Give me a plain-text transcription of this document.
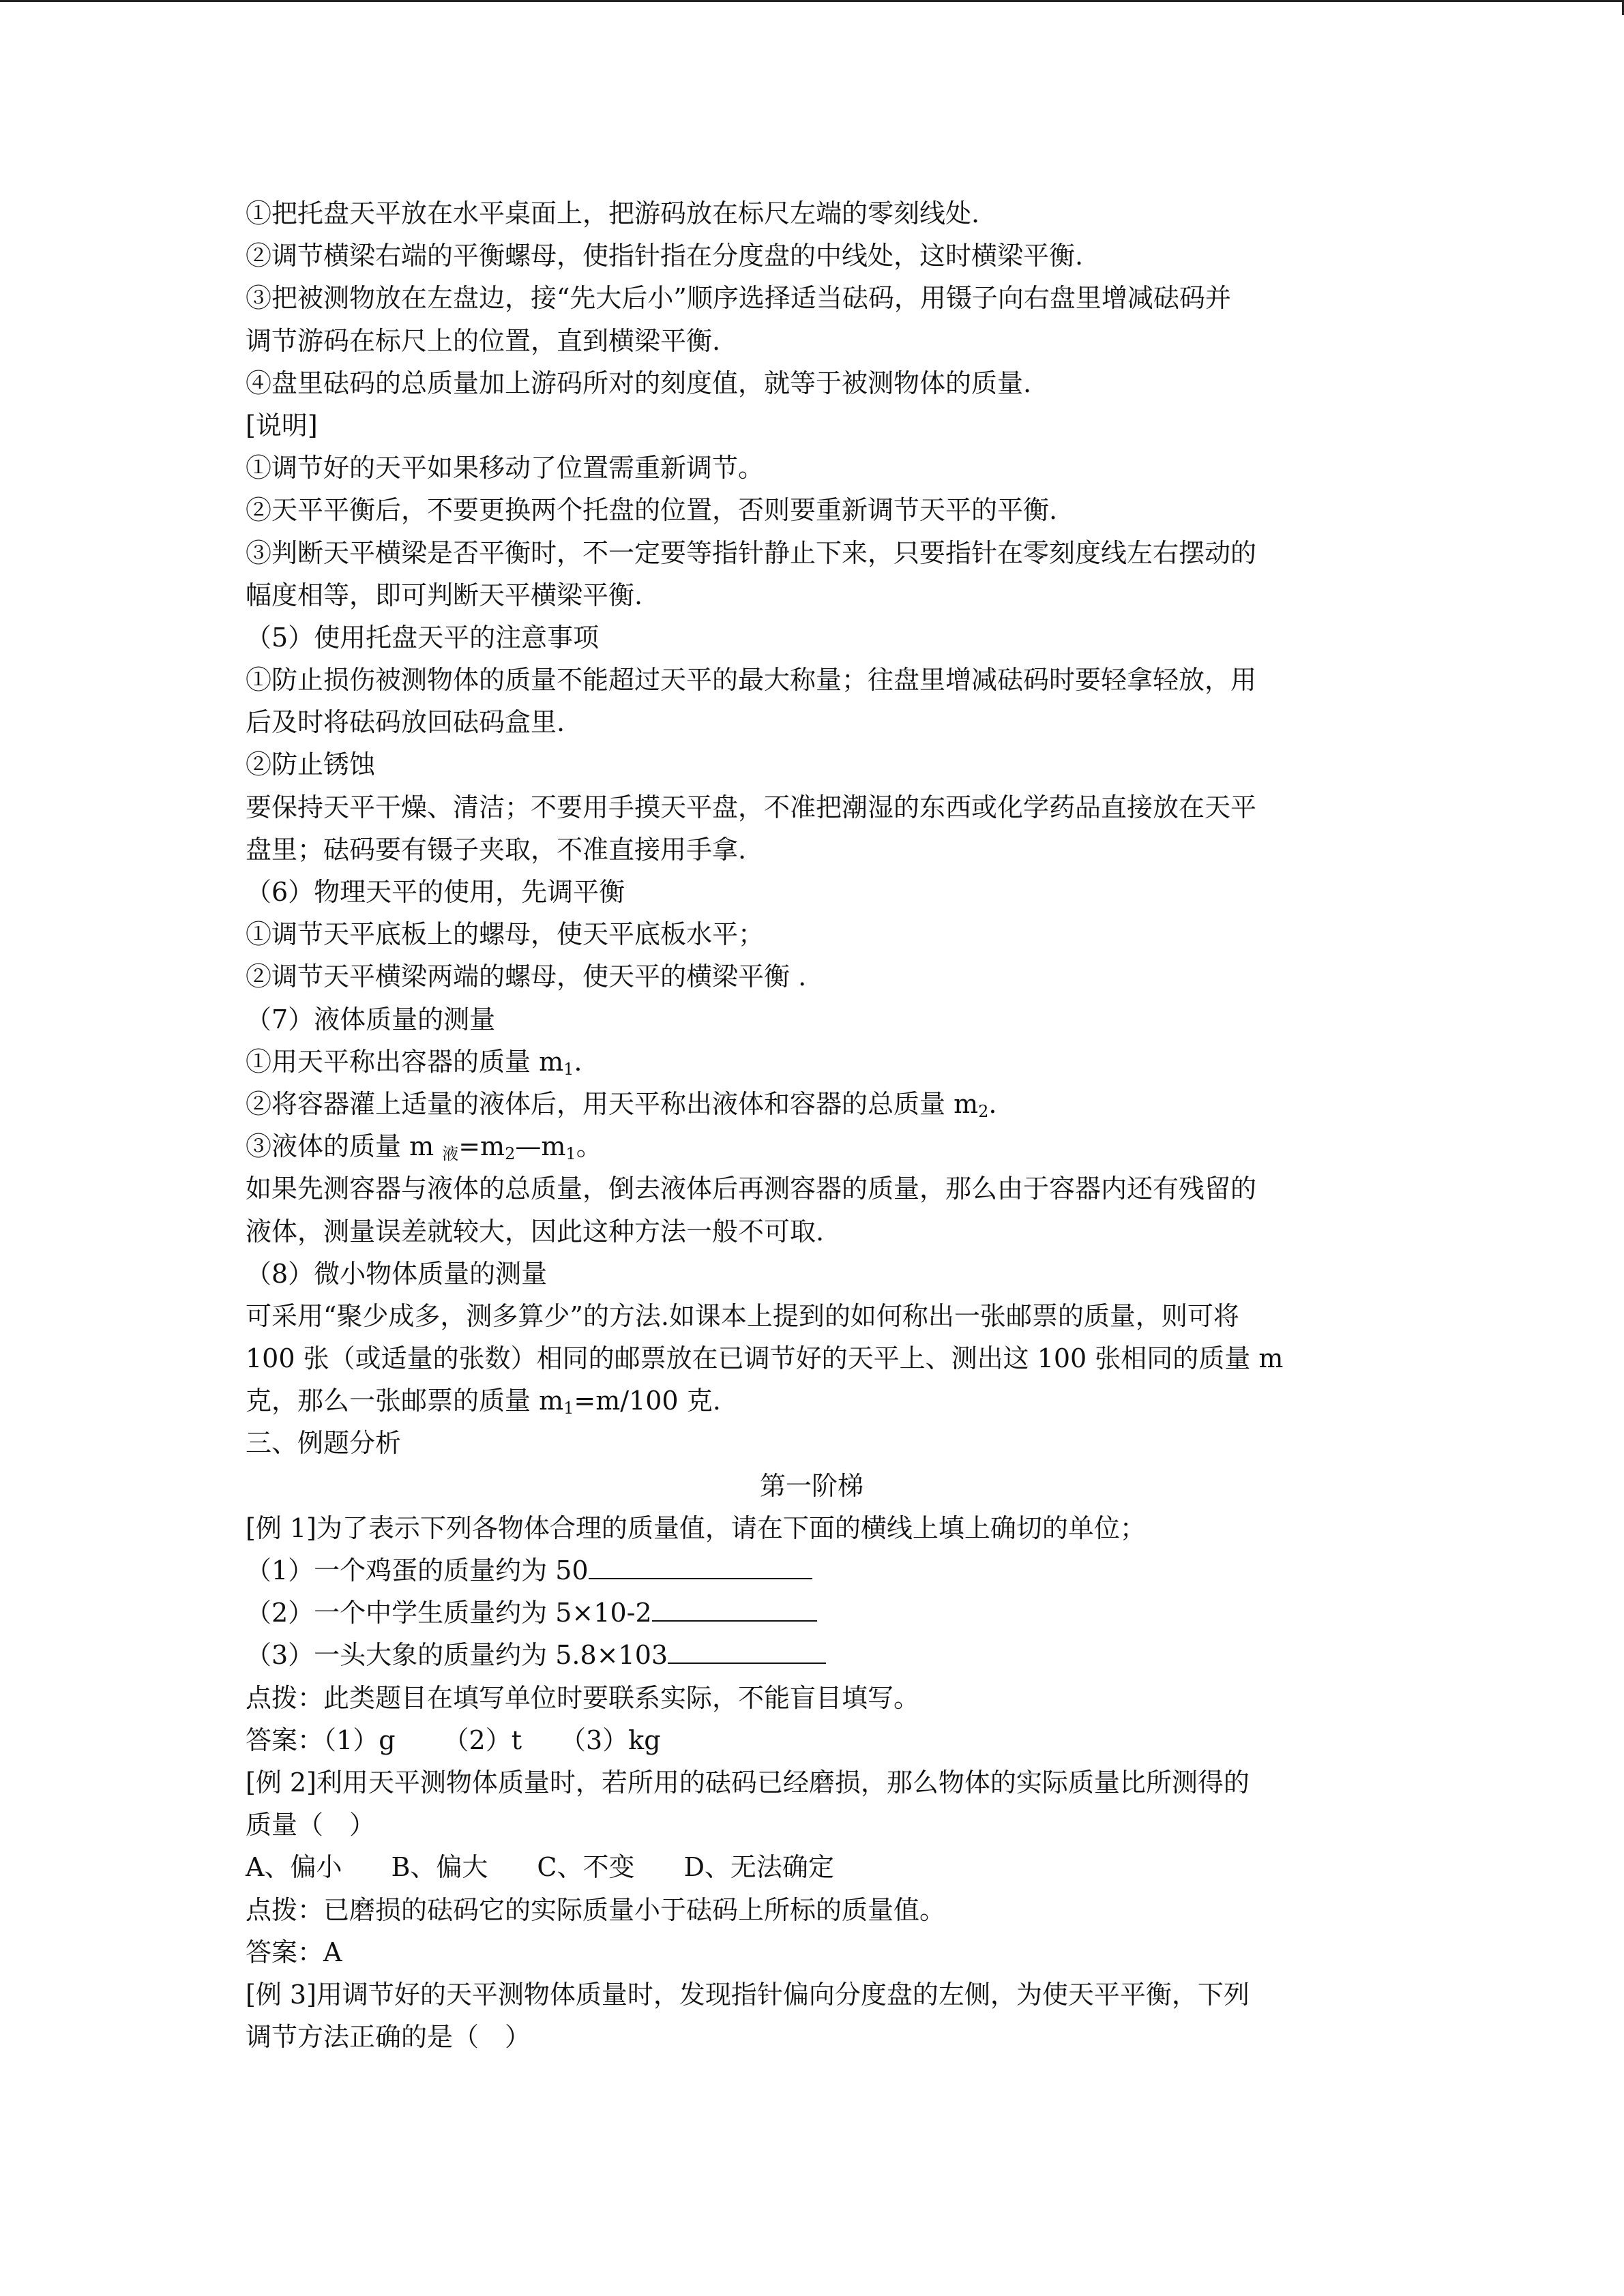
①把托盘天平放在水平桌面上，把游码放在标尺左端的零刻线处.

②调节横梁右端的平衡螺母，使指针指在分度盘的中线处，这时横梁平衡.

③把被测物放在左盘边，接“先大后小”顺序选择适当砝码，用镊子向右盘里增减砝码并

调节游码在标尺上的位置，直到横梁平衡.

④盘里砝码的总质量加上游码所对的刻度值，就等于被测物体的质量.

[说明]

①调节好的天平如果移动了位置需重新调节。

②天平平衡后，不要更换两个托盘的位置，否则要重新调节天平的平衡.

③判断天平横梁是否平衡时，不一定要等指针静止下来，只要指针在零刻度线左右摆动的

幅度相等，即可判断天平横梁平衡.

（5）使用托盘天平的注意事项

①防止损伤被测物体的质量不能超过天平的最大称量；往盘里增减砝码时要轻拿轻放，用

后及时将砝码放回砝码盒里.

②防止锈蚀

要保持天平干燥、清洁；不要用手摸天平盘，不准把潮湿的东西或化学药品直接放在天平

盘里；砝码要有镊子夹取，不准直接用手拿.

（6）物理天平的使用，先调平衡

①调节天平底板上的螺母，使天平底板水平；

②调节天平横梁两端的螺母，使天平的横梁平衡 .

（7）液体质量的测量

①用天平称出容器的质量 $m_1$.

②将容器灌上适量的液体后，用天平称出液体和容器的总质量 $m_2$.

③液体的质量 m $_液=m_2—m_1$。

如果先测容器与液体的总质量，倒去液体后再测容器的质量，那么由于容器内还有残留的

液体，测量误差就较大，因此这种方法一般不可取.

（8）微小物体质量的测量

可采用“聚少成多，测多算少”的方法.如课本上提到的如何称出一张邮票的质量，则可将

100 张（或适量的张数）相同的邮票放在已调节好的天平上、测出这 100 张相同的质量 m

克，那么一张邮票的质量 $m_1=m/100$ 克.

三、例题分析

第一阶梯

[例 1]为了表示下列各物体合理的质量值，请在下面的横线上填上确切的单位；

（1）一个鸡蛋的质量约为 50

（2）一个中学生质量约为 5×10-2

（3）一头大象的质量约为 5.8×103

点拨：此类题目在填写单位时要联系实际，不能盲目填写。

答案：（1）g （2）t （3）kg

[例 2]利用天平测物体质量时，若所用的砝码已经磨损，那么物体的实际质量比所测得的

质量（　）

A、偏小 B、偏大 C、不变 D、无法确定

点拨：已磨损的砝码它的实际质量小于砝码上所标的质量值。

答案：A

[例 3]用调节好的天平测物体质量时，发现指针偏向分度盘的左侧，为使天平平衡，下列

调节方法正确的是（　）
